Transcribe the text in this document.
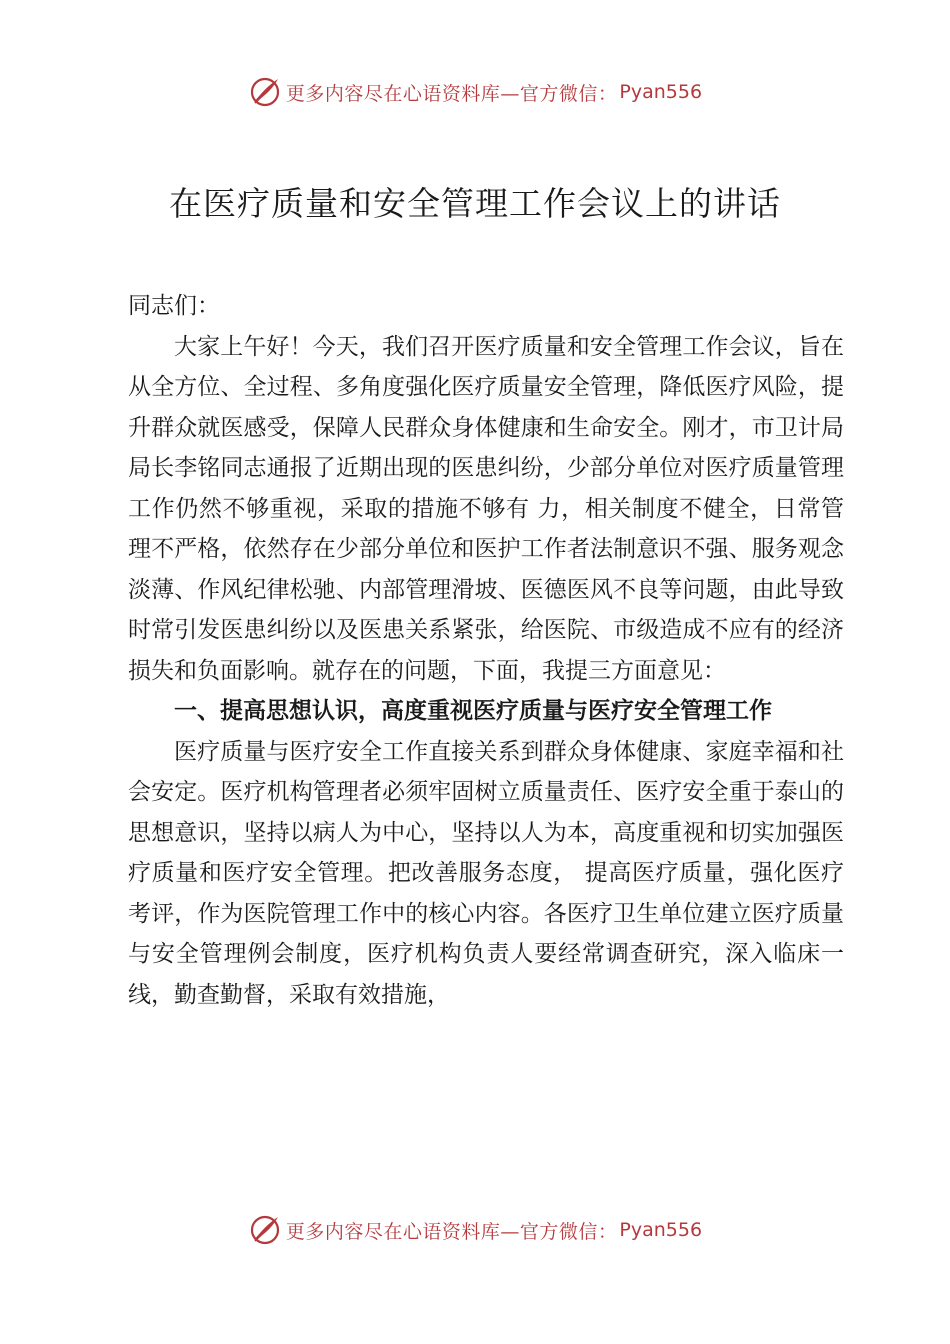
更多内容尽在心语资料库—官方微信： Pyan556
在医疗质量和安全管理工作会议上的讲话

同志们：

大家上午好！今天，我们召开医疗质量和安全管理工作会议，旨在从全方位、全过程、多角度强化医疗质量安全管理，降低医疗风险，提升群众就医感受，保障人民群众身体健康和生命安全。刚才，市卫计局局长李铭同志通报了近期出现的医患纠纷，少部分单位对医疗质量管理工作仍然不够重视，采取的措施不够有 力，相关制度不健全，日常管理不严格，依然存在少部分单位和医护工作者法制意识不强、服务观念淡薄、作风纪律松驰、内部管理滑坡、医德医风不良等问题，由此导致时常引发医患纠纷以及医患关系紧张，给医院、市级造成不应有的经济损失和负面影响。就存在的问题，下面，我提三方面意见：

一、提高思想认识，高度重视医疗质量与医疗安全管理工作

医疗质量与医疗安全工作直接关系到群众身体健康、家庭幸福和社会安定。医疗机构管理者必须牢固树立质量责任、医疗安全重于泰山的思想意识，坚持以病人为中心，坚持以人为本，高度重视和切实加强医疗质量和医疗安全管理。把改善服务态度， 提高医疗质量，强化医疗考评，作为医院管理工作中的核心内容。各医疗卫生单位建立医疗质量与安全管理例会制度，医疗机构负责人要经常调查研究，深入临床一线，勤查勤督，采取有效措施，

更多内容尽在心语资料库—官方微信： Pyan556
